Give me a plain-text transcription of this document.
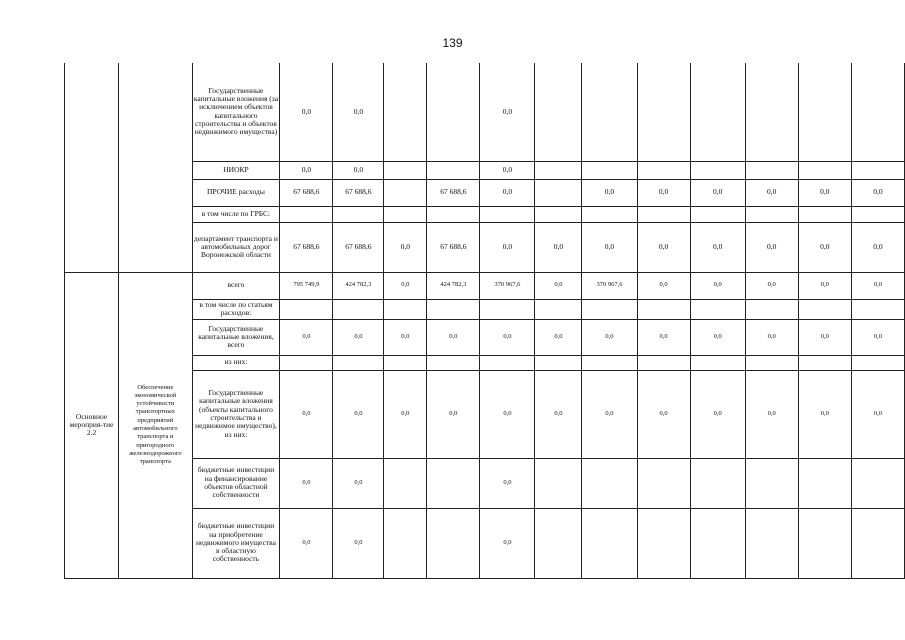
139
		Государственные капитальные вложения (за исключением объектов капитального строительства и объектов недвижимого имущества)	0,0	0,0			0,0							
		НИОКР	0,0	0,0			0,0							
		ПРОЧИЕ расходы	67 688,6	67 688,6		67 688,6	0,0		0,0	0,0	0,0	0,0	0,0	0,0
		в том числе по ГРБС:												
		департамент транспорта и автомобильных дорог Воронежской области	67 688,6	67 688,6	0,0	67 688,6	0,0	0,0	0,0	0,0	0,0	0,0	0,0	0,0
Основное мероприя-тие 2.2	Обеспечение экономической устойчивости транспортных предприятий автомобильного транспорта и пригородного железнодорожного транспорта	всего	795 749,9	424 782,3	0,0	424 782,3	370 967,6	0,0	370 967,6	0,0	0,0	0,0	0,0	0,0
		в том числе по статьям расходов:												
		Государственные капитальные вложения, всего	0,0	0,0	0,0	0,0	0,0	0,0	0,0	0,0	0,0	0,0	0,0	0,0
		из них:												
		Государственные капитальные вложения (объекты капитального строительства и недвижимое имущество), из них:	0,0	0,0	0,0	0,0	0,0	0,0	0,0	0,0	0,0	0,0	0,0	0,0
		бюджетные инвестиции на финансирование объектов областной собственности	0,0	0,0			0,0							
		бюджетные инвестиции на приобретение недвижимого имущества в областную собственность	0,0	0,0			0,0							
